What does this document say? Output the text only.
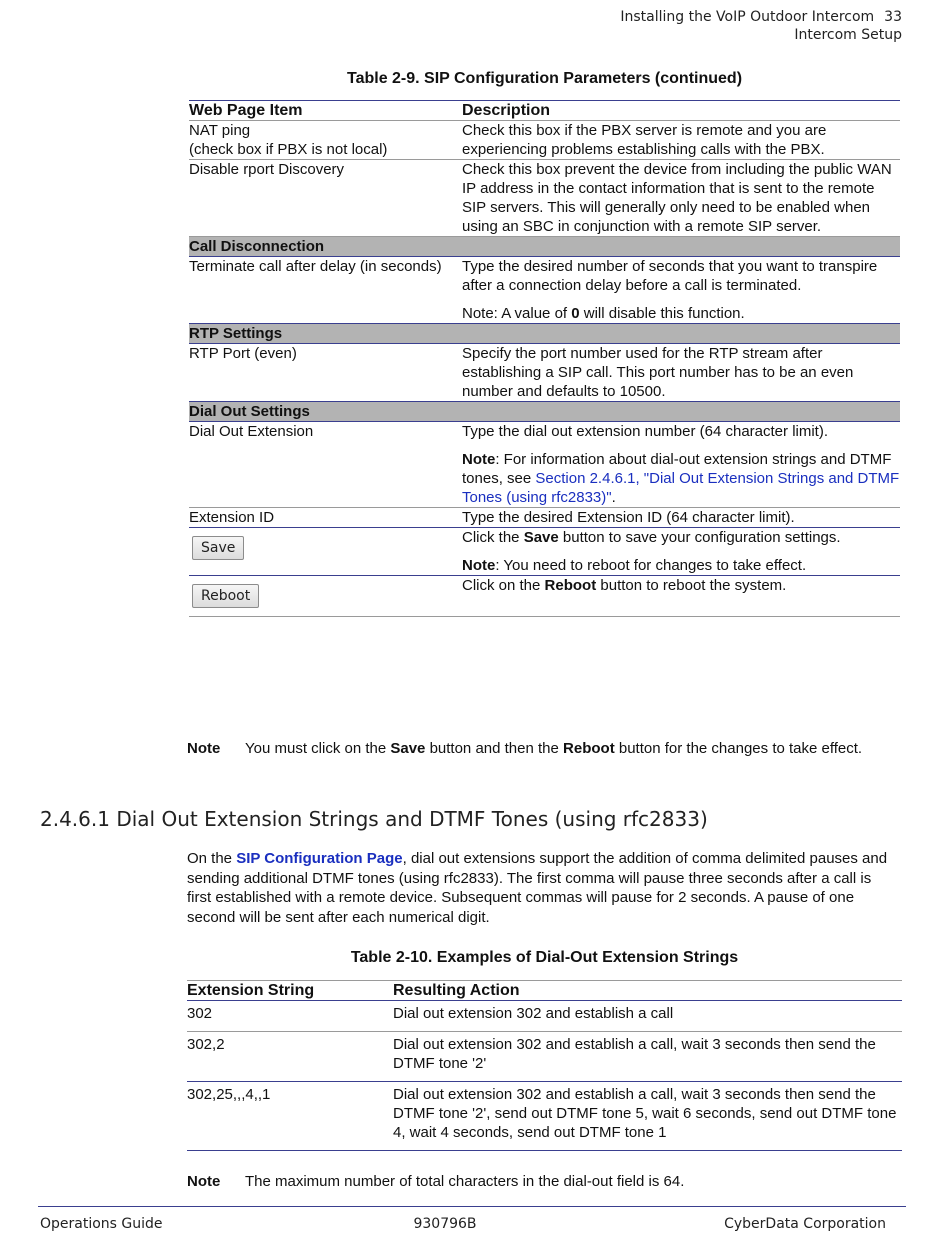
Installing the VoIP Outdoor Intercom 33
Intercom Setup
Table 2-9. SIP Configuration Parameters (continued)
Web Page Item	Description

NAT ping
(check box if PBX is not local)	Check this box if the PBX server is remote and you are experiencing problems establishing calls with the PBX.
Disable rport Discovery	Check this box prevent the device from including the public WAN IP address in the contact information that is sent to the remote SIP servers. This will generally only need to be enabled when using an SBC in conjunction with a remote SIP server.
Call Disconnection	
Terminate call after delay (in seconds)	Type the desired number of seconds that you want to transpire after a connection delay before a call is terminated.
Note: A value of 0 will disable this function.

RTP Settings	
RTP Port (even)	Specify the port number used for the RTP stream after establishing a SIP call. This port number has to be an even number and defaults to 10500.
Dial Out Settings	
Dial Out Extension	Type the dial out extension number (64 character limit).
Note: For information about dial-out extension strings and DTMF tones, see Section 2.4.6.1, "Dial Out Extension Strings and DTMF Tones (using rfc2833)".

Extension ID	Type the desired Extension ID (64 character limit).
Save	Click the Save button to save your configuration settings.
Note: You need to reboot for changes to take effect.

Reboot	Click on the Reboot button to reboot the system.
Note You must click on the Save button and then the Reboot button for the changes to take effect.
2.4.6.1 Dial Out Extension Strings and DTMF Tones (using rfc2833)
On the SIP Configuration Page, dial out extensions support the addition of comma delimited pauses and sending additional DTMF tones (using rfc2833). The first comma will pause three seconds after a call is first established with a remote device. Subsequent commas will pause for 2 seconds. A pause of one second will be sent after each numerical digit.
Table 2-10. Examples of Dial-Out Extension Strings
Extension String	Resulting Action
302	Dial out extension 302 and establish a call
302,2	Dial out extension 302 and establish a call, wait 3 seconds then send the DTMF tone '2'
302,25,,,4,,1	Dial out extension 302 and establish a call, wait 3 seconds then send the DTMF tone '2', send out DTMF tone 5, wait 6 seconds, send out DTMF tone 4, wait 4 seconds, send out DTMF tone 1
Note The maximum number of total characters in the dial-out field is 64.
Operations Guide	930796B	CyberData Corporation
